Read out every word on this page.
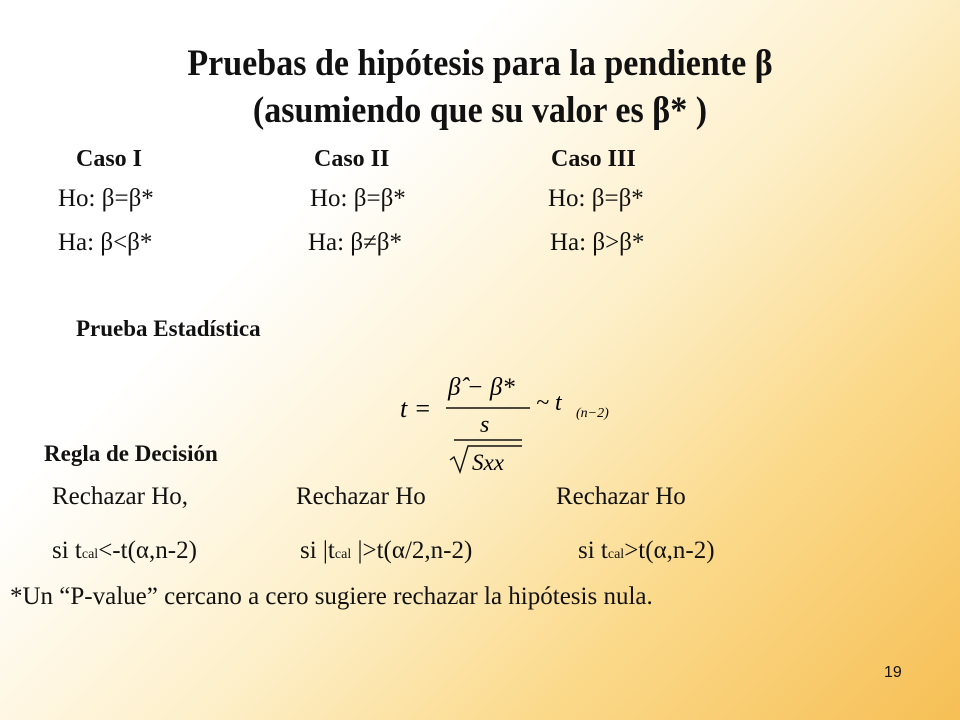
Pruebas de hipótesis para la pendiente β
(asumiendo que su valor es β* )
Caso I	Caso II	Caso III
Ho: β=β*	Ho: β=β*	Ho: β=β*
Ha: β<β*	Ha: β≠β*	Ha: β>β*
Prueba Estadística
t =
β̂ − β*
s
Sxx
~ t (n−2)
Regla de Decisión
Rechazar Ho,	Rechazar Ho	Rechazar Ho
si tcal<-t(α,n-2)	si |tcal |>t(α/2,n-2)	si tcal>t(α,n-2)
*Un “P-value” cercano a cero sugiere rechazar la hipótesis nula.
19
